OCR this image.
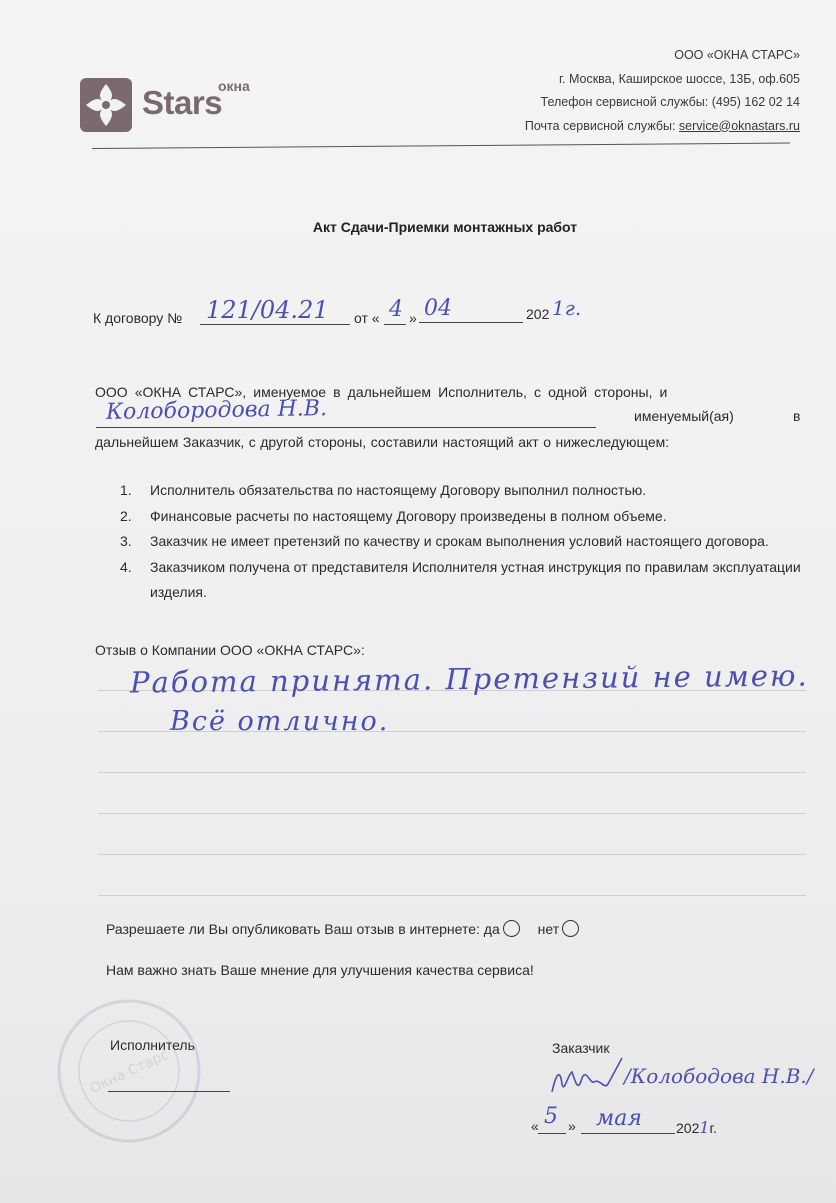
окна
Stars
ООО «ОКНА СТАРС»
г. Москва, Каширское шоссе, 13Б, оф.605
Телефон сервисной службы: (495) 162 02 14
Почта сервисной службы: service@oknastars.ru
Акт Сдачи-Приемки монтажных работ
К договору № 121/04.21 от « 4 » 04	202 1г.
ООО «ОКНА СТАРС», именуемое в дальнейшем Исполнитель, с одной стороны, и
Колобородова Н.В.	именуемый(ая)	в
дальнейшем Заказчик, с другой стороны, составили настоящий акт о нижеследующем:
1. Исполнитель обязательства по настоящему Договору выполнил полностью.
2. Финансовые расчеты по настоящему Договору произведены в полном объеме.
3. Заказчик не имеет претензий по качеству и срокам выполнения условий настоящего договора.
4. Заказчиком получена от представителя Исполнителя устная инструкция по правилам эксплуатации изделия.
Отзыв о Компании ООО «ОКНА СТАРС»:
Работа принята. Претензий не имею.
Всё отлично.
Разрешаете ли Вы опубликовать Ваш отзыв в интернете: да	нет
Нам важно знать Ваше мнение для улучшения качества сервиса!
Окна Старс
Исполнитель	Заказчик
/Колободова Н.В./
« 5 » мая 2021г.
